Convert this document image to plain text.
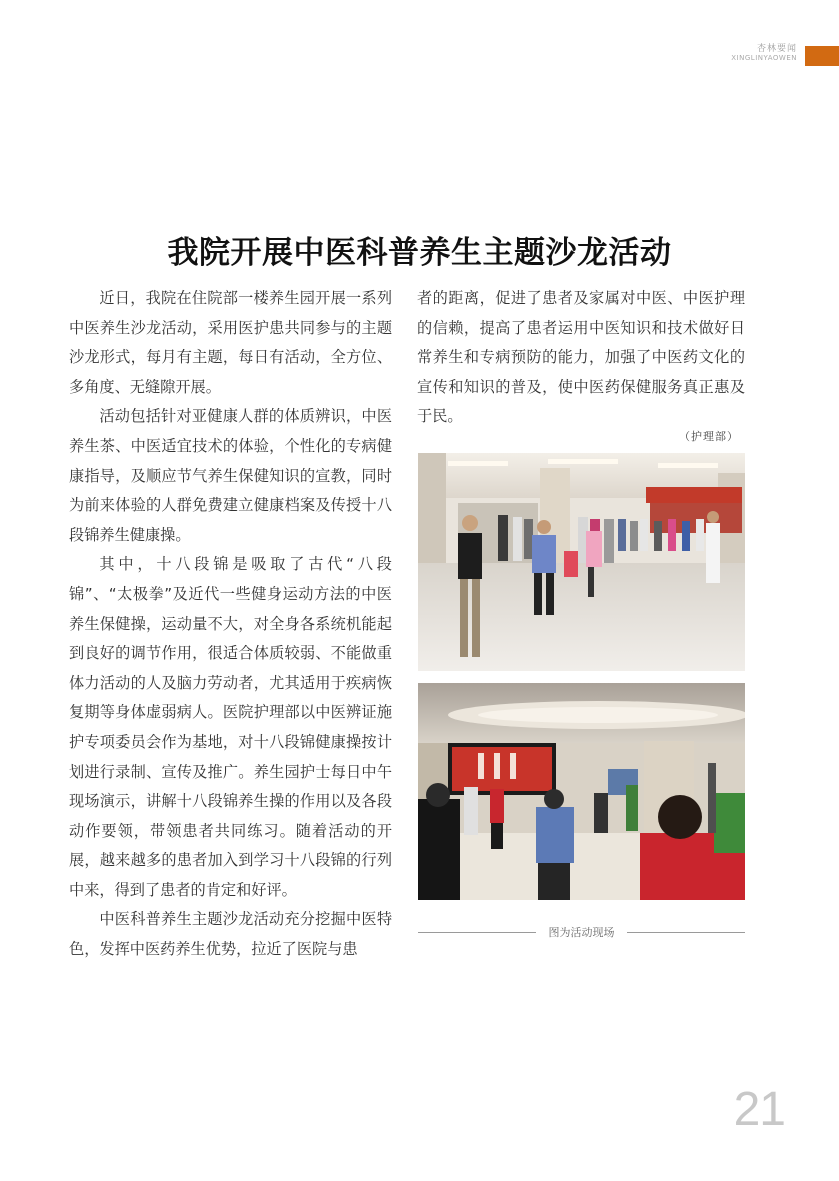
杏林要闻
XINGLINYAOWEN
我院开展中医科普养生主题沙龙活动

近日，我院在住院部一楼养生园开展一系列中医养生沙龙活动，采用医护患共同参与的主题沙龙形式，每月有主题，每日有活动，全方位、多角度、无缝隙开展。

活动包括针对亚健康人群的体质辨识，中医养生茶、中医适宜技术的体验，个性化的专病健康指导，及顺应节气养生保健知识的宣教，同时为前来体验的人群免费建立健康档案及传授十八段锦养生健康操。

其中，十八段锦是吸取了古代“八段锦”、“太极拳”及近代一些健身运动方法的中医养生保健操，运动量不大，对全身各系统机能起到良好的调节作用，很适合体质较弱、不能做重体力活动的人及脑力劳动者，尤其适用于疾病恢复期等身体虚弱病人。医院护理部以中医辨证施护专项委员会作为基地，对十八段锦健康操按计划进行录制、宣传及推广。养生园护士每日中午现场演示，讲解十八段锦养生操的作用以及各段动作要领，带领患者共同练习。随着活动的开展，越来越多的患者加入到学习十八段锦的行列中来，得到了患者的肯定和好评。

中医科普养生主题沙龙活动充分挖掘中医特色，发挥中医药养生优势，拉近了医院与患

者的距离，促进了患者及家属对中医、中医护理的信赖，提高了患者运用中医知识和技术做好日常养生和专病预防的能力，加强了中医药文化的宣传和知识的普及，使中医药保健服务真正惠及于民。

（护理部）
图为活动现场
21
